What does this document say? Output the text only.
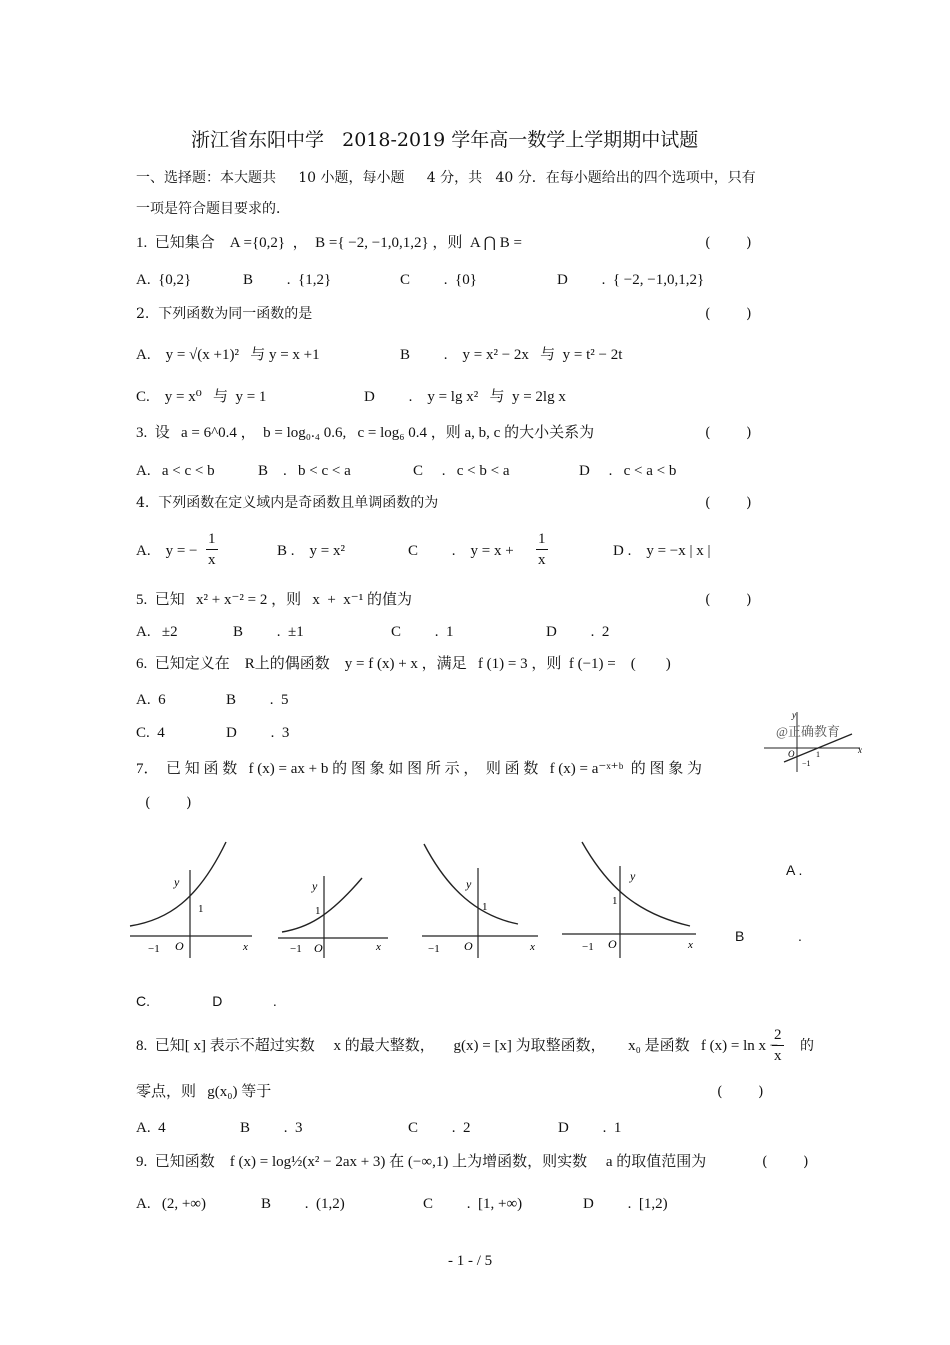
浙江省东阳中学   2018-2019 学年高一数学上学期期中试题
一、选择题：本大题共     10 小题，每小题     4 分，共   40 分．在每小题给出的四个选项中，只有
一项是符合题目要求的．
1.  已知集合    A ={0,2}  ，  B ={ −2, −1,0,1,2} ，则  A ⋂ B =	(        )
A.  {0,2}	B         .  {1,2}	C         .  {0}	D         .  { −2, −1,0,1,2}
2.  下列函数为同一函数的是	(        )
A.    y = √(x +1)²   与 y = x +1	B         .    y = x² − 2x   与  y = t² − 2t
C.    y = x⁰   与  y = 1	D         .    y = lg x²   与  y = 2lg x
3.  设   a = 6^0.4 ，  b = log₀.₄ 0.6,   c = log₆ 0.4 ，则 a, b, c 的大小关系为	(        )
A.   a < c < b	B    .   b < c < a	C     .   c < b < a	D     .   c < a < b
4.  下列函数在定义域内是奇函数且单调函数的为	(        )
A.    y = − $\frac{1}{x}$	B .    y = x²	C         .    $y = x + \frac{1}{x}$	D .    y = −x | x |
5.  已知   x² + x⁻² = 2 ，则   x  +  x⁻¹ 的值为	(        )
A.   ±2	B         .  ±1	C         .  1	D         .  2
6.  已知定义在    R上的偶函数    y = f (x) + x ，满足   f (1) = 3 ，则  f (−1) =    (        )
A.  6	B         .  5
C.  4	D         .  3
y
O	1
−1
x
@正确教育
7．  已 知 函 数   f (x) = ax + b 的 图 象 如 图 所 示 ，  则 函 数   f (x) = a⁻ˣ⁺ᵇ  的 图 象 为
(        )
y
1
−1 O	x
y
1
−1 O	x
y
1
−1 O	x
y
1
−1 O	x
A .
B	.
C.                D             .
8.  已知[ x] 表示不超过实数     x 的最大整数，     g(x) = [x] 为取整函数，      x₀ 是函数   f (x) = ln x −
$\frac{2}{x}$ 的
零点，则   g(x₀) 等于	(        )
A.  4	B         .  3	C         .  2	D         .  1
9.  已知函数    f (x) = log½(x² − 2ax + 3) 在 (−∞,1) 上为增函数，则实数     a 的取值范围为	(        )
A.   (2, +∞)	B         .  (1,2)	C         .  [1, +∞)	D         .  [1,2)
- 1 - / 5
